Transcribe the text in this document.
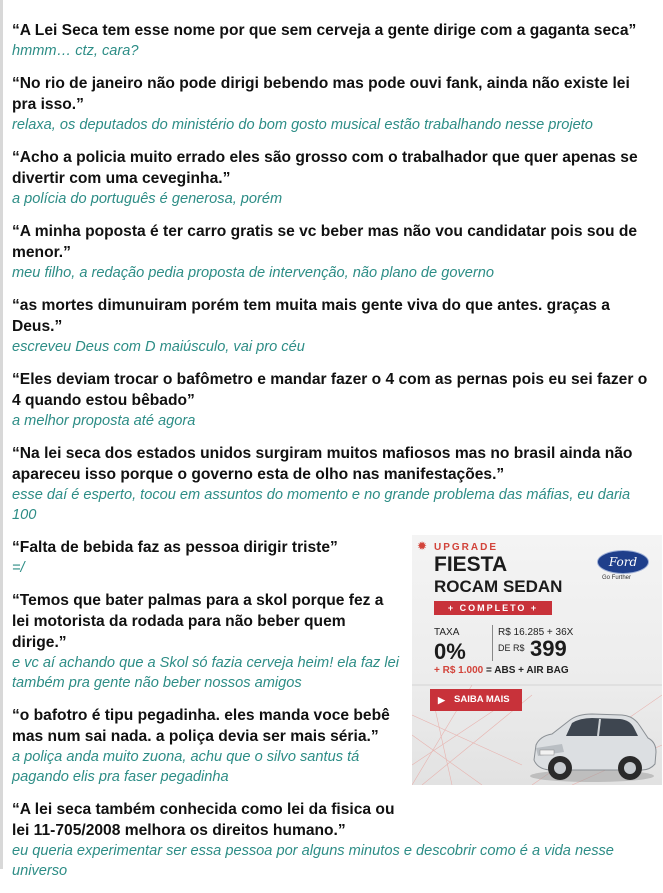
“A Lei Seca tem esse nome por que sem cerveja a gente dirige com a gaganta seca”
hmmm… ctz, cara?
“No rio de janeiro não pode dirigi bebendo mas pode ouvi fank, ainda não existe lei pra isso.”
relaxa, os deputados do ministério do bom gosto musical estão trabalhando nesse projeto
“Acho a policia muito errado eles são grosso com o trabalhador que quer apenas se divertir com uma ceveginha.”
a polícia do português é generosa, porém
“A minha poposta é ter carro gratis se vc beber mas não vou candidatar pois sou de menor.”
meu filho, a redação pedia proposta de intervenção, não plano de governo
“as mortes dimunuiram porém tem muita mais gente viva do que antes. graças a Deus.”
escreveu Deus com D maiúsculo, vai pro céu
“Eles deviam trocar o bafômetro e mandar fazer o 4 com as pernas pois eu sei fazer o 4 quando estou bêbado”
a melhor proposta até agora
“Na lei seca dos estados unidos surgiram muitos mafiosos mas no brasil ainda não apareceu isso porque o governo esta de olho nas manifestações.”
esse daí é esperto, tocou em assuntos do momento e no grande problema das máfias, eu daria 100
“Falta de bebida faz as pessoa dirigir triste”
=/
“Temos que bater palmas para a skol porque fez a lei motorista da rodada para não beber quem dirige.”
e vc aí achando que a Skol só fazia cerveja heim! ela faz lei também pra gente não beber nossos amigos
“o bafotro é tipu pegadinha. eles manda voce bebê mas num sai nada. a poliça devia ser mais séria.”
a poliça anda muito zuona, achu que o silvo santus tá pagando elis pra faser pegadinha
“A lei seca também conhecida como lei da fisica ou lei 11-705/2008 melhora os direitos humano.”
eu queria experimentar ser essa pessoa por alguns minutos e descobrir como é a vida nesse universo
✹ UPGRADE
FIESTA
ROCAM SEDAN
+ COMPLETO +
Ford
Go Further
TAXA
0%
R$ 16.285 + 36X
DE R$ 399
+ R$ 1.000 = ABS + AIR BAG
▶ SAIBA MAIS
